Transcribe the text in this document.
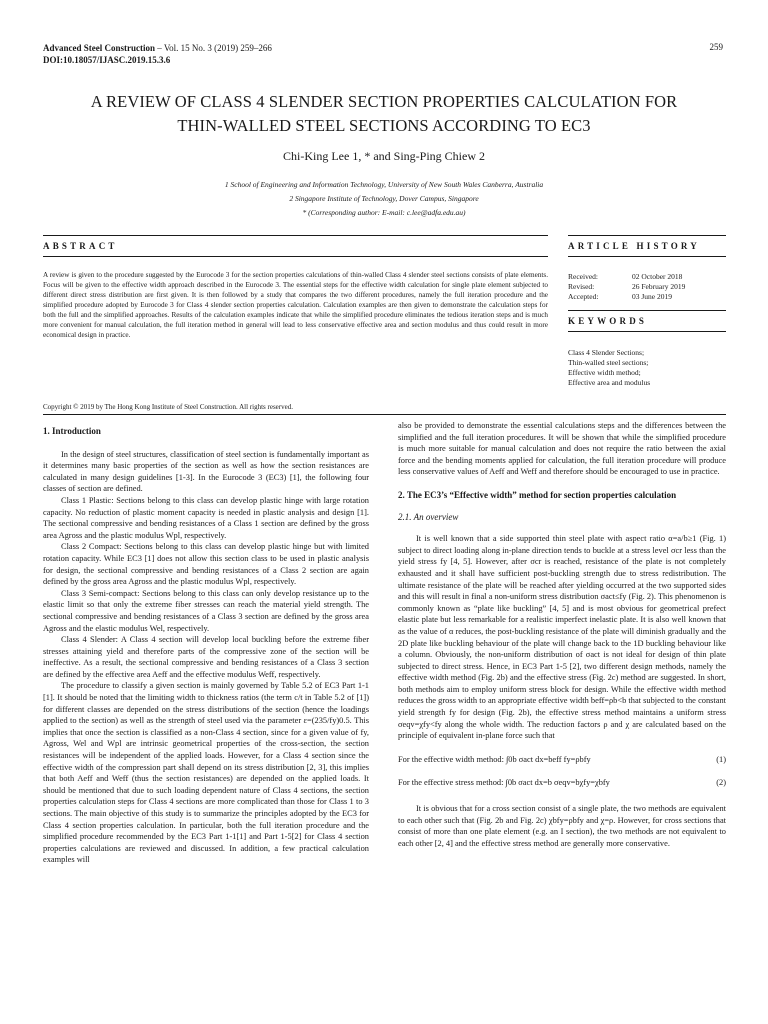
Advanced Steel Construction – Vol. 15 No. 3 (2019) 259–266
DOI:10.18057/IJASC.2019.15.3.6
259
A REVIEW OF CLASS 4 SLENDER SECTION PROPERTIES CALCULATION FOR
THIN-WALLED STEEL SECTIONS ACCORDING TO EC3
Chi-King Lee 1, * and Sing-Ping Chiew 2
1 School of Engineering and Information Technology, University of New South Wales Canberra, Australia
2 Singapore Institute of Technology, Dover Campus, Singapore
* (Corresponding author: E-mail: c.lee@adfa.edu.au)
ABSTRACT	ARTICLE HISTORY
A review is given to the procedure suggested by the Eurocode 3 for the section properties calculations of thin-walled Class 4 slender steel sections consists of plate elements. Focus will be given to the effective width approach described in the Eurocode 3. The essential steps for the effective width calculation for single plate element subjected to different direct stress distribution are first given. It is then followed by a study that compares the two different procedures, namely the full iteration procedure and the simplified procedure adopted by Eurocode 3 for Class 4 slender section properties calculation. Calculation examples are then given to demonstrate the calculation steps for both the full and the simplified approaches. Results of the calculation examples indicate that while the simplified procedure eliminates the tedious iteration steps and is much more convenient for manual calculation, the full iteration method in general will lead to less conservative effective area and section modulus and thus could result in more economical design in practice.
Received:	02 October 2018
Revised:	26 February 2019
Accepted:	03 June 2019
KEYWORDS
Class 4 Slender Sections;
Thin-walled steel sections;
Effective width method;
Effective area and modulus
Copyright © 2019 by The Hong Kong Institute of Steel Construction. All rights reserved.
1. Introduction

In the design of steel structures, classification of steel section is fundamentally important as it determines many basic properties of the section as well as how the section resistances are calculated in many design guidelines [1-3]. In the Eurocode 3 (EC3) [1], the following four classes of section are defined.

Class 1 Plastic: Sections belong to this class can develop plastic hinge with large rotation capacity. No reduction of plastic moment capacity is needed in plastic analysis and design [1]. The sectional compressive and bending resistances of a Class 1 section are defined by the gross area Agross and the plastic modulus Wpl, respectively.

Class 2 Compact: Sections belong to this class can develop plastic hinge but with limited rotation capacity. While EC3 [1] does not allow this section class to be used in plastic analysis for design, the sectional compressive and bending resistances of a Class 2 section are again defined by the gross area Agross and the plastic modulus Wpl, respectively.

Class 3 Semi-compact: Sections belong to this class can only develop resistance up to the elastic limit so that only the extreme fiber stresses can reach the material yield strength. The sectional compressive and bending resistances of a Class 3 section are defined by the gross area Agross and the elastic modulus Wel, respectively.

Class 4 Slender: A Class 4 section will develop local buckling before the extreme fiber stresses attaining yield and therefore parts of the compressive zone of the section will be ineffective. As a result, the sectional compressive and bending resistances of a Class 3 section are defined by the effective area Aeff and the effective modulus Weff, respectively.

The procedure to classify a given section is mainly governed by Table 5.2 of EC3 Part 1-1 [1]. It should be noted that the limiting width to thickness ratios (the term c/t in Table 5.2 of [1]) for different classes are depended on the stress distributions of the section (hence the loadings applied to the section) as well as the strength of steel used via the parameter ε=(235/fy)0.5. This implies that once the section is classified as a non-Class 4 section, since for a given value of fy, Agross, Wel and Wpl are intrinsic geometrical properties of the cross-section, the section resistances will be independent of the applied loads. However, for a Class 4 section since the effective width of the compression part shall depend on its stress distribution [2, 3], this implies that both Aeff and Weff (thus the section resistances) are depended on the applied loads. It should be mentioned that due to such loading dependent nature of Class 4 sections, the section properties calculation steps for Class 4 sections are more complicated than those for Class 1 to 3 sections. The main objective of this study is to summarize the principles adopted by the EC3 for Class 4 section properties calculation. In particular, both the full iteration procedure and the simplified procedure recommended by the EC3 Part 1-1[1] and Part 1-5[2] for Class 4 section properties calculations are reviewed and discussed. In addition, a few practical calculation examples will

also be provided to demonstrate the essential calculations steps and the differences between the simplified and the full iteration procedures. It will be shown that while the simplified procedure is much more suitable for manual calculation and does not require the ratio between the axial force and the bending moments applied for calculation, the full iteration procedure will produce less conservative values of Aeff and Weff and therefore should be encouraged to use in practice.

2. The EC3’s “Effective width” method for section properties calculation
2.1. An overview

It is well known that a side supported thin steel plate with aspect ratio α=a/b≥1 (Fig. 1) subject to direct loading along in-plane direction tends to buckle at a stress level σcr less than the yield stress fy [4, 5]. However, after σcr is reached, resistance of the plate is not completely exhausted and it shall have sufficient post-buckling strength due to stress redistribution. The ultimate resistance of the plate will be reached after yielding occurred at the two supported sides and this will result in final a non-uniform stress distribution σact≤fy (Fig. 2). This phenomenon is commonly known as “plate like buckling” [4, 5] and is most obvious for geometrical prefect elastic plate but less remarkable for a realistic imperfect inelastic plate. It is also well known that as the value of α reduces, the post-buckling resistance of the plate will diminish gradually and the 2D plate like buckling behaviour of the plate will change back to the 1D buckling behaviour like a column. Obviously, the non-uniform distribution of σact is not ideal for design of thin plate subjected to direct stress. Hence, in EC3 Part 1-5 [2], two different design methods, namely the effective width method (Fig. 2b) and the effective stress (Fig. 2c) method are suggested. In short, both methods aim to employ uniform stress block for design. While the effective width method reduces the gross width to an appropriate effective width beff=ρb<b that subjected to the constant yield strength fy for design (Fig. 2b), the effective stress method maintains a uniform stress σeqv=χfy<fy along the whole width. The reduction factors ρ and χ are calculated based on the principle of equivalent in-plane force such that

For the effective width method: ∫0b σact dx=beff fy=ρbfy	(1)
For the effective stress method: ∫0b σact dx=b σeqv=bχfy=χbfy	(2)

It is obvious that for a cross section consist of a single plate, the two methods are equivalent to each other such that (Fig. 2b and Fig. 2c) χbfy=ρbfy and χ=ρ. However, for cross sections that consist of more than one plate element (e.g. an I section), the two methods are not equivalent to each other [2, 4] and the effective stress method are generally more conservative.
